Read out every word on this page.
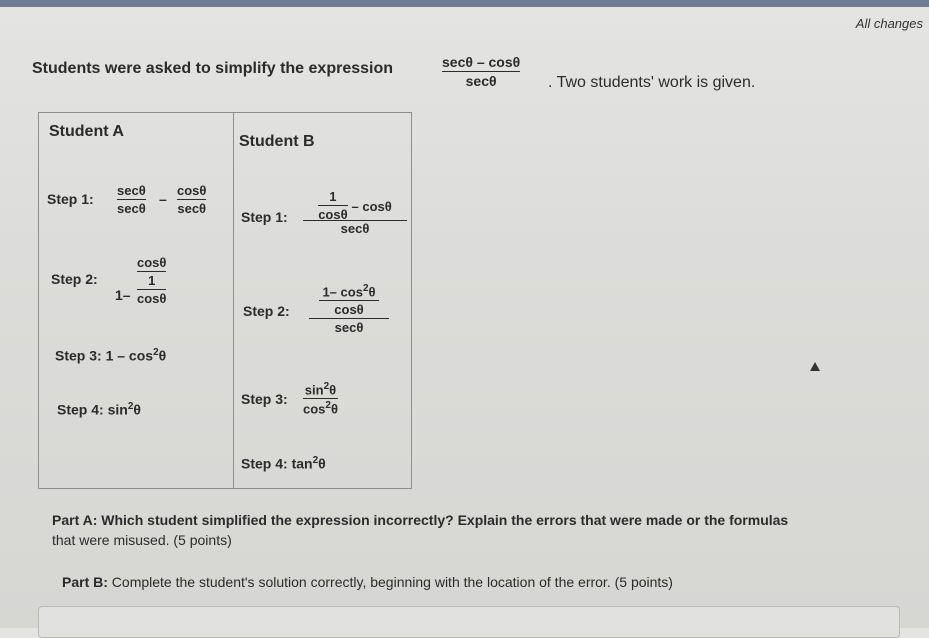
All changes
Students were asked to simplify the expression	secθ – cosθ
secθ	. Two students' work is given.
Student A
Student B
Step 1:
secθ
secθ
–
cosθ
secθ
Step 2:
1–
cosθ
1
cosθ
Step 3: $1 - \cos^2\theta$
Step 4: $\sin^2\theta$
Step 1: $\frac{1}{\cos\theta}$ – cosθ
secθ
Step 2:
1– $\cos^2\theta$
cosθ
secθ
Step 3:
$\sin^2\theta$
$\cos^2\theta$
Step 4: $\tan^2\theta$
Part A: Which student simplified the expression incorrectly? Explain the errors that were made or the formulas
that were misused. (5 points)
Part B: Complete the student's solution correctly, beginning with the location of the error. (5 points)
